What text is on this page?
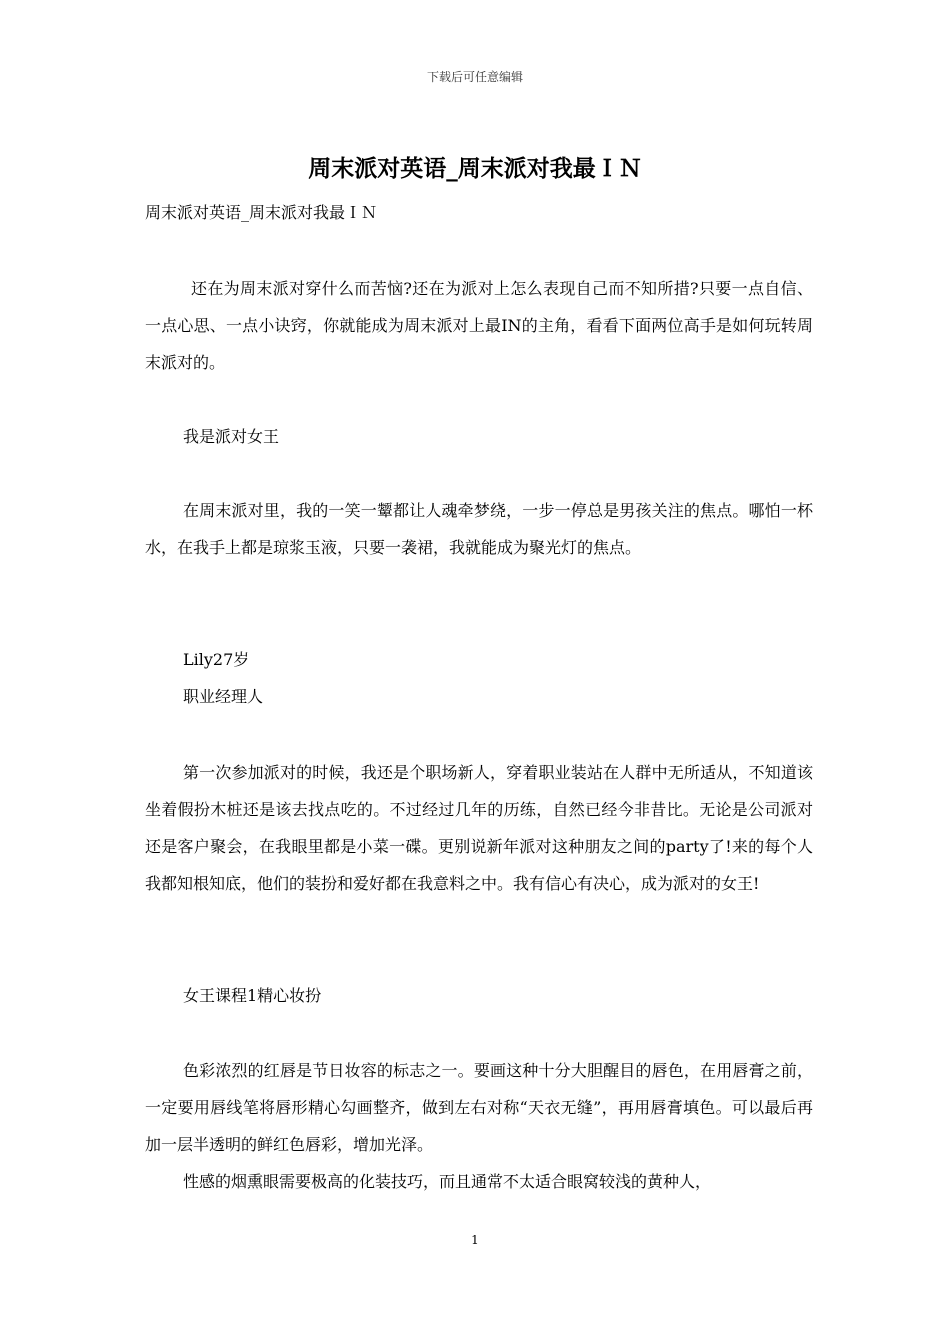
下载后可任意编辑
周末派对英语_周末派对我最ＩＮ
周末派对英语_周末派对我最ＩＮ

还在为周末派对穿什么而苦恼?还在为派对上怎么表现自己而不知所措?只要一点自信、一点心思、一点小诀窍，你就能成为周末派对上最IN的主角，看看下面两位高手是如何玩转周末派对的。

我是派对女王

在周末派对里，我的一笑一颦都让人魂牵梦绕，一步一停总是男孩关注的焦点。哪怕一杯水，在我手上都是琼浆玉液，只要一袭裙，我就能成为聚光灯的焦点。

Lily27岁
职业经理人

第一次参加派对的时候，我还是个职场新人，穿着职业装站在人群中无所适从，不知道该坐着假扮木桩还是该去找点吃的。不过经过几年的历练，自然已经今非昔比。无论是公司派对还是客户聚会，在我眼里都是小菜一碟。更别说新年派对这种朋友之间的party了!来的每个人我都知根知底，他们的装扮和爱好都在我意料之中。我有信心有决心，成为派对的女王!

女王课程1精心妆扮

色彩浓烈的红唇是节日妆容的标志之一。要画这种十分大胆醒目的唇色，在用唇膏之前，一定要用唇线笔将唇形精心勾画整齐，做到左右对称“天衣无缝”，再用唇膏填色。可以最后再加一层半透明的鲜红色唇彩，增加光泽。

性感的烟熏眼需要极高的化装技巧，而且通常不太适合眼窝较浅的黄种人，

1
